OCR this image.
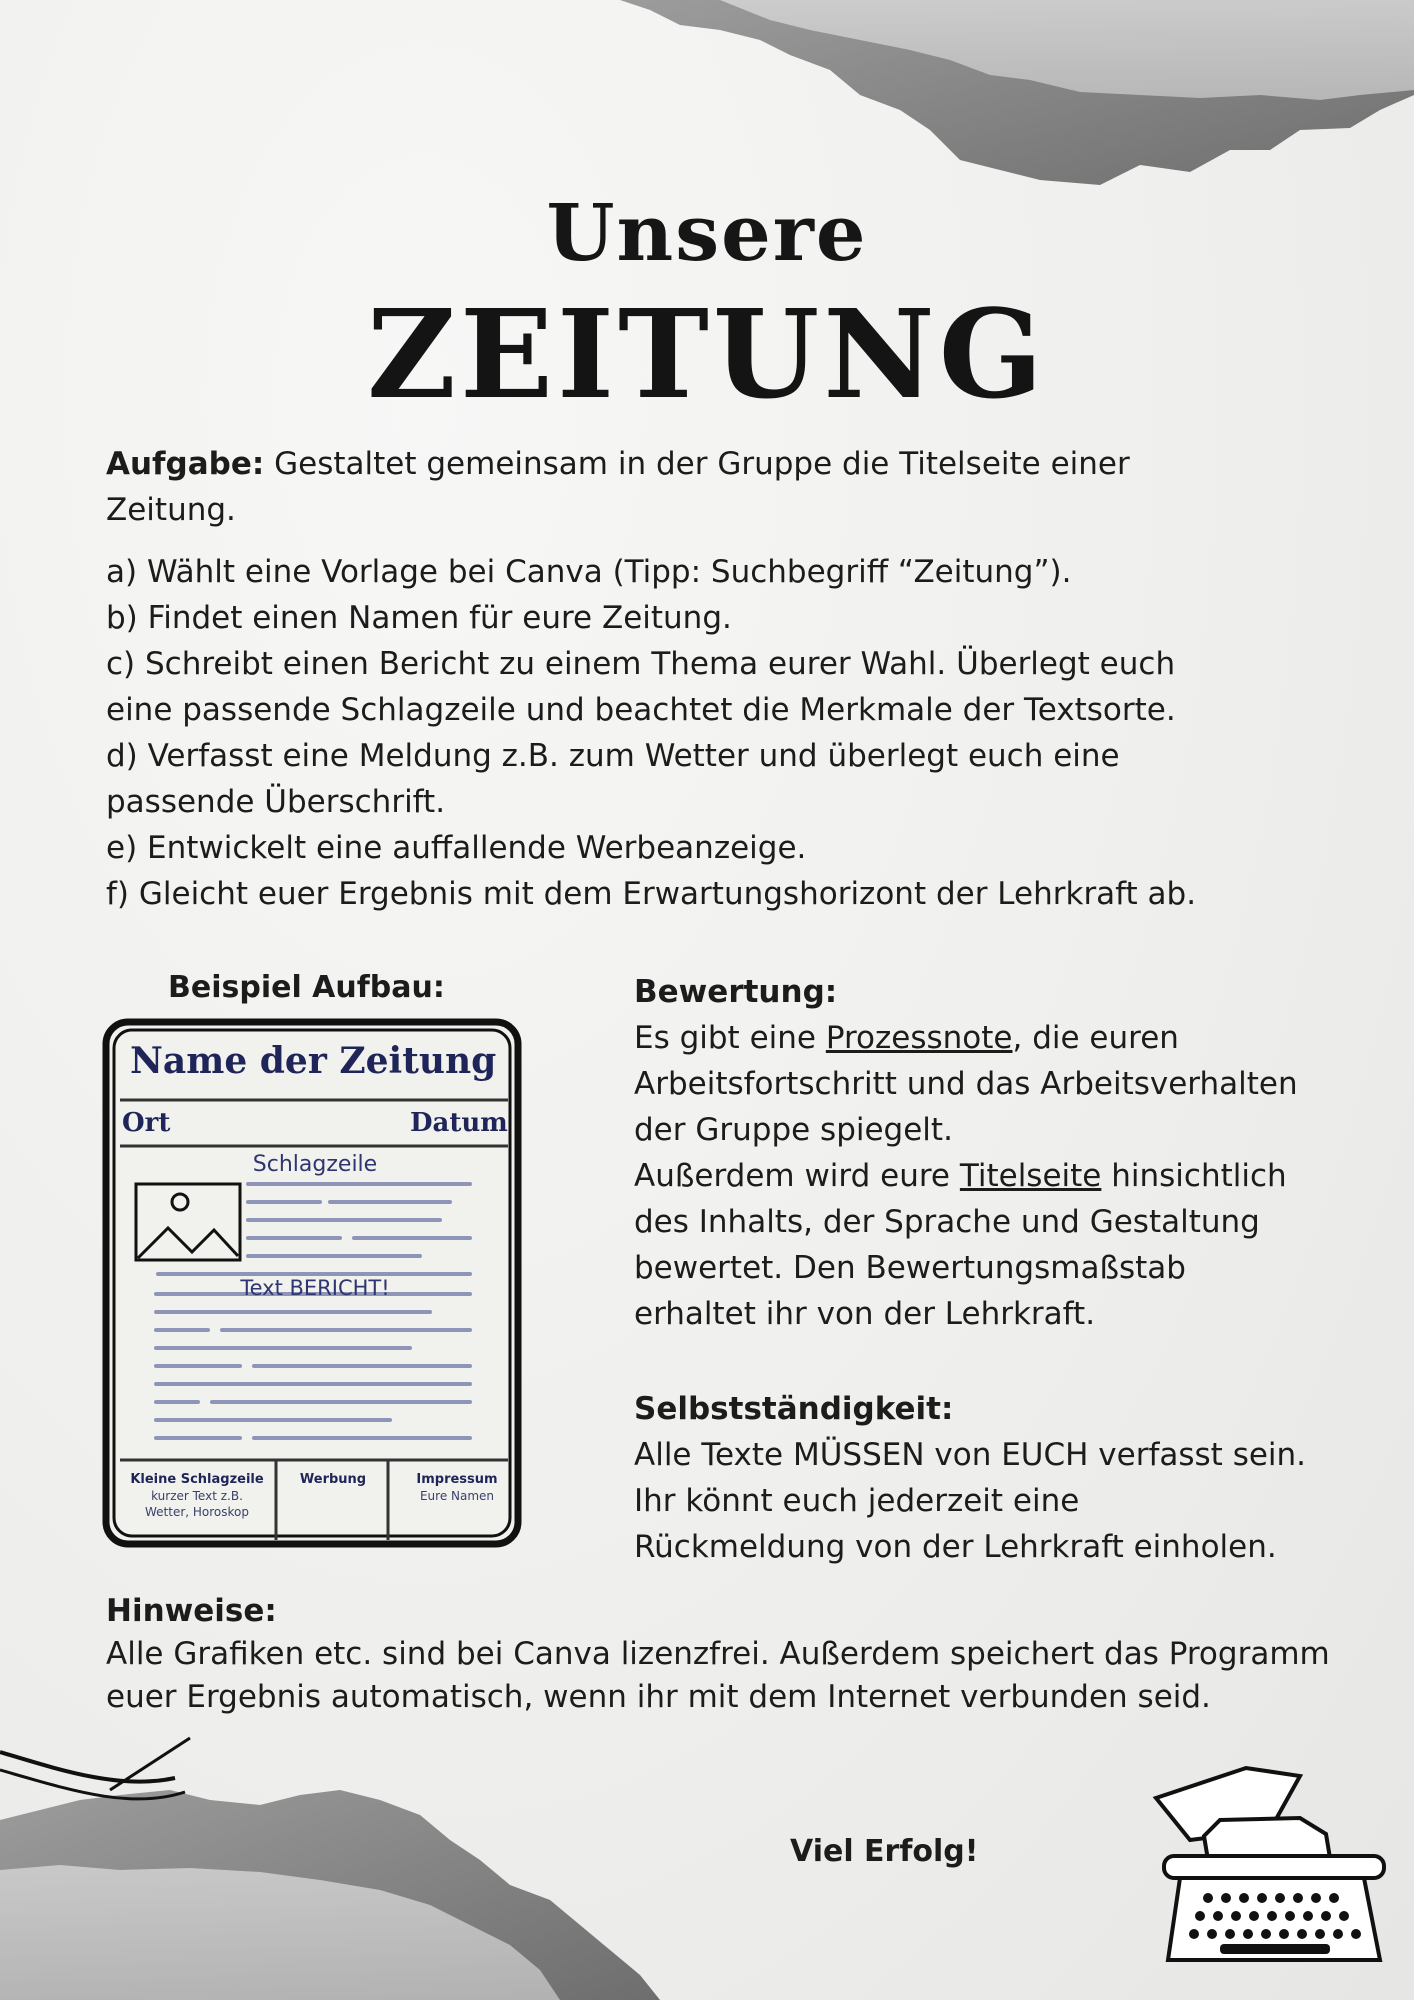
Unsere
ZEITUNG
Aufgabe: Gestaltet gemeinsam in der Gruppe die Titelseite einer
Zeitung.
a) Wählt eine Vorlage bei Canva (Tipp: Suchbegriff “Zeitung”).
b) Findet einen Namen für eure Zeitung.
c) Schreibt einen Bericht zu einem Thema eurer Wahl. Überlegt euch
eine passende Schlagzeile und beachtet die Merkmale der Textsorte.
d) Verfasst eine Meldung z.B. zum Wetter und überlegt euch eine
passende Überschrift.
e) Entwickelt eine auffallende Werbeanzeige.
f) Gleicht euer Ergebnis mit dem Erwartungshorizont der Lehrkraft ab.
Beispiel Aufbau:
Name der Zeitung
Ort	Datum
Schlagzeile
Text BERICHT!
Kleine Schlagzeile
kurzer Text z.B.
Wetter, Horoskop
Werbung	Impressum
Eure Namen
Bewertung:
Es gibt eine Prozessnote, die euren
Arbeitsfortschritt und das Arbeitsverhalten
der Gruppe spiegelt.
Außerdem wird eure Titelseite hinsichtlich
des Inhalts, der Sprache und Gestaltung
bewertet. Den Bewertungsmaßstab
erhaltet ihr von der Lehrkraft.
Selbstständigkeit:
Alle Texte MÜSSEN von EUCH verfasst sein.
Ihr könnt euch jederzeit eine
Rückmeldung von der Lehrkraft einholen.
Hinweise:
Alle Grafiken etc. sind bei Canva lizenzfrei. Außerdem speichert das Programm
euer Ergebnis automatisch, wenn ihr mit dem Internet verbunden seid.
Viel Erfolg!
